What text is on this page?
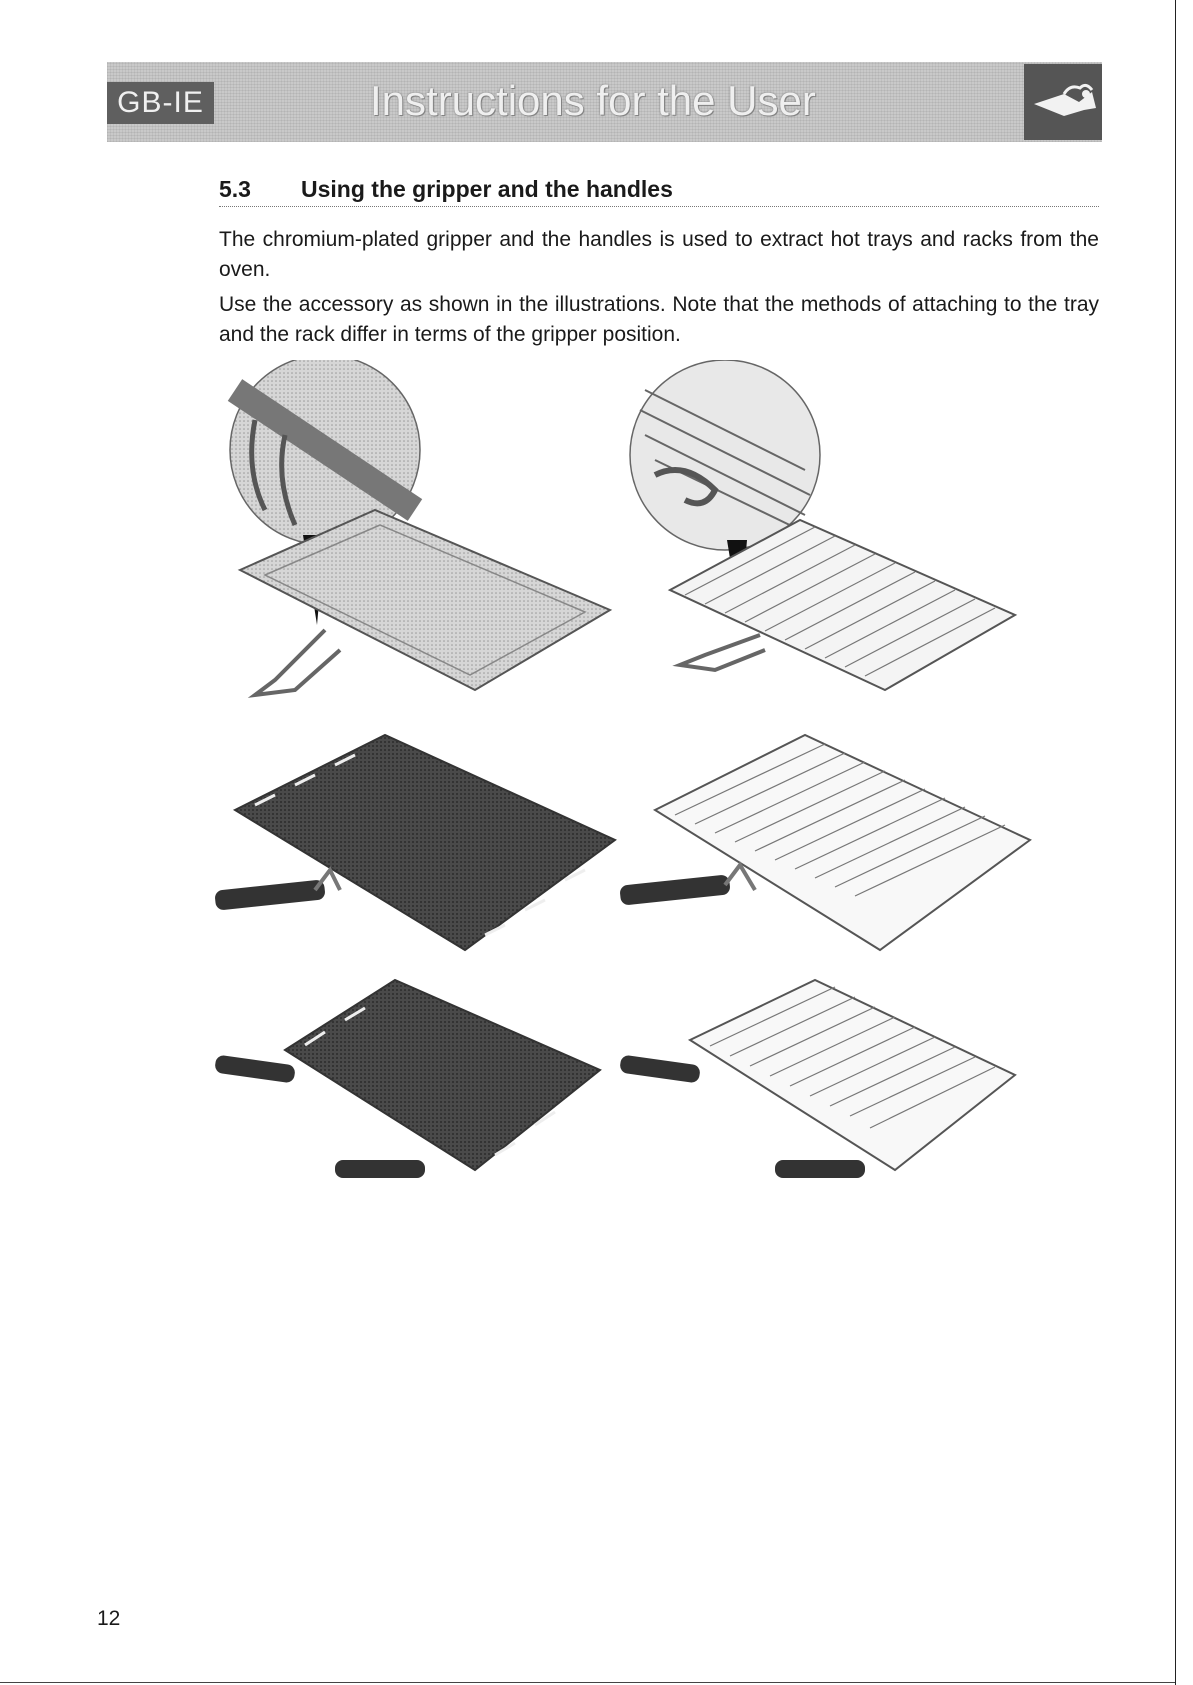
GB-IE	Instructions for the User
5.3 Using the gripper and the handles
The chromium-plated gripper and the handles is used to extract hot trays and racks from the oven.
Use the accessory as shown in the illustrations. Note that the methods of attaching to the tray and the rack differ in terms of the gripper position.
12
